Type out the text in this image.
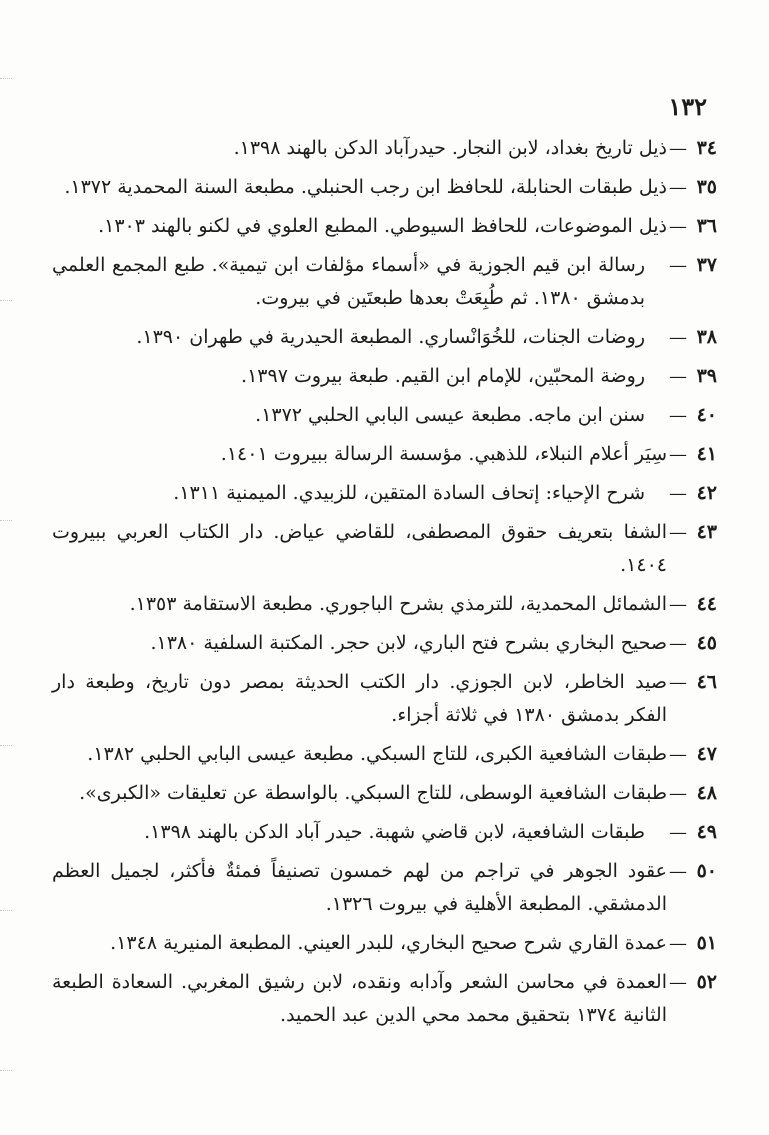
١٣٢
٣٤
—
ذيل تاريخ بغداد، لابن النجار. حيدرآباد الدكن بالهند ١٣٩٨.
٣٥
—
ذيل طبقات الحنابلة، للحافظ ابن رجب الحنبلي. مطبعة السنة المحمدية ١٣٧٢.
٣٦
—
ذيل الموضوعات، للحافظ السيوطي. المطبع العلوي في لكنو بالهند ١٣٠٣.
٣٧
—
رسالة ابن قيم الجوزية في «أسماء مؤلفات ابن تيمية». طبع المجمع العلمي بدمشق ١٣٨٠. ثم طُبِعَتْ بعدها طبعتَين في بيروت.
٣٨
—
روضات الجنات، للخُوَانْساري. المطبعة الحيدرية في طهران ١٣٩٠.
٣٩
—
روضة المحبّين، للإمام ابن القيم. طبعة بيروت ١٣٩٧.
٤٠
—
سنن ابن ماجه. مطبعة عيسى البابي الحلبي ١٣٧٢.
٤١
—
سِيَر أعلام النبلاء، للذهبي. مؤسسة الرسالة ببيروت ١٤٠١.
٤٢
—
شرح الإحياء: إتحاف السادة المتقين، للزبيدي. الميمنية ١٣١١.
٤٣
—
الشفا بتعريف حقوق المصطفى، للقاضي عياض. دار الكتاب العربي ببيروت ١٤٠٤.
٤٤
—
الشمائل المحمدية، للترمذي بشرح الباجوري. مطبعة الاستقامة ١٣٥٣.
٤٥
—
صحيح البخاري بشرح فتح الباري، لابن حجر. المكتبة السلفية ١٣٨٠.
٤٦
—
صيد الخاطر، لابن الجوزي. دار الكتب الحديثة بمصر دون تاريخ، وطبعة دار الفكر بدمشق ١٣٨٠ في ثلاثة أجزاء.
٤٧
—
طبقات الشافعية الكبرى، للتاج السبكي. مطبعة عيسى البابي الحلبي ١٣٨٢.
٤٨
—
طبقات الشافعية الوسطى، للتاج السبكي. بالواسطة عن تعليقات «الكبرى».
٤٩
—
طبقات الشافعية، لابن قاضي شهبة. حيدر آباد الدكن بالهند ١٣٩٨.
٥٠
—
عقود الجوهر في تراجم من لهم خمسون تصنيفاً فمئةٌ فأكثر، لجميل العظم الدمشقي. المطبعة الأهلية في بيروت ١٣٢٦.
٥١
—
عمدة القاري شرح صحيح البخاري، للبدر العيني. المطبعة المنيرية ١٣٤٨.
٥٢
—
العمدة في محاسن الشعر وآدابه ونقده، لابن رشيق المغربي. السعادة الطبعة الثانية ١٣٧٤ بتحقيق محمد محي الدين عبد الحميد.
